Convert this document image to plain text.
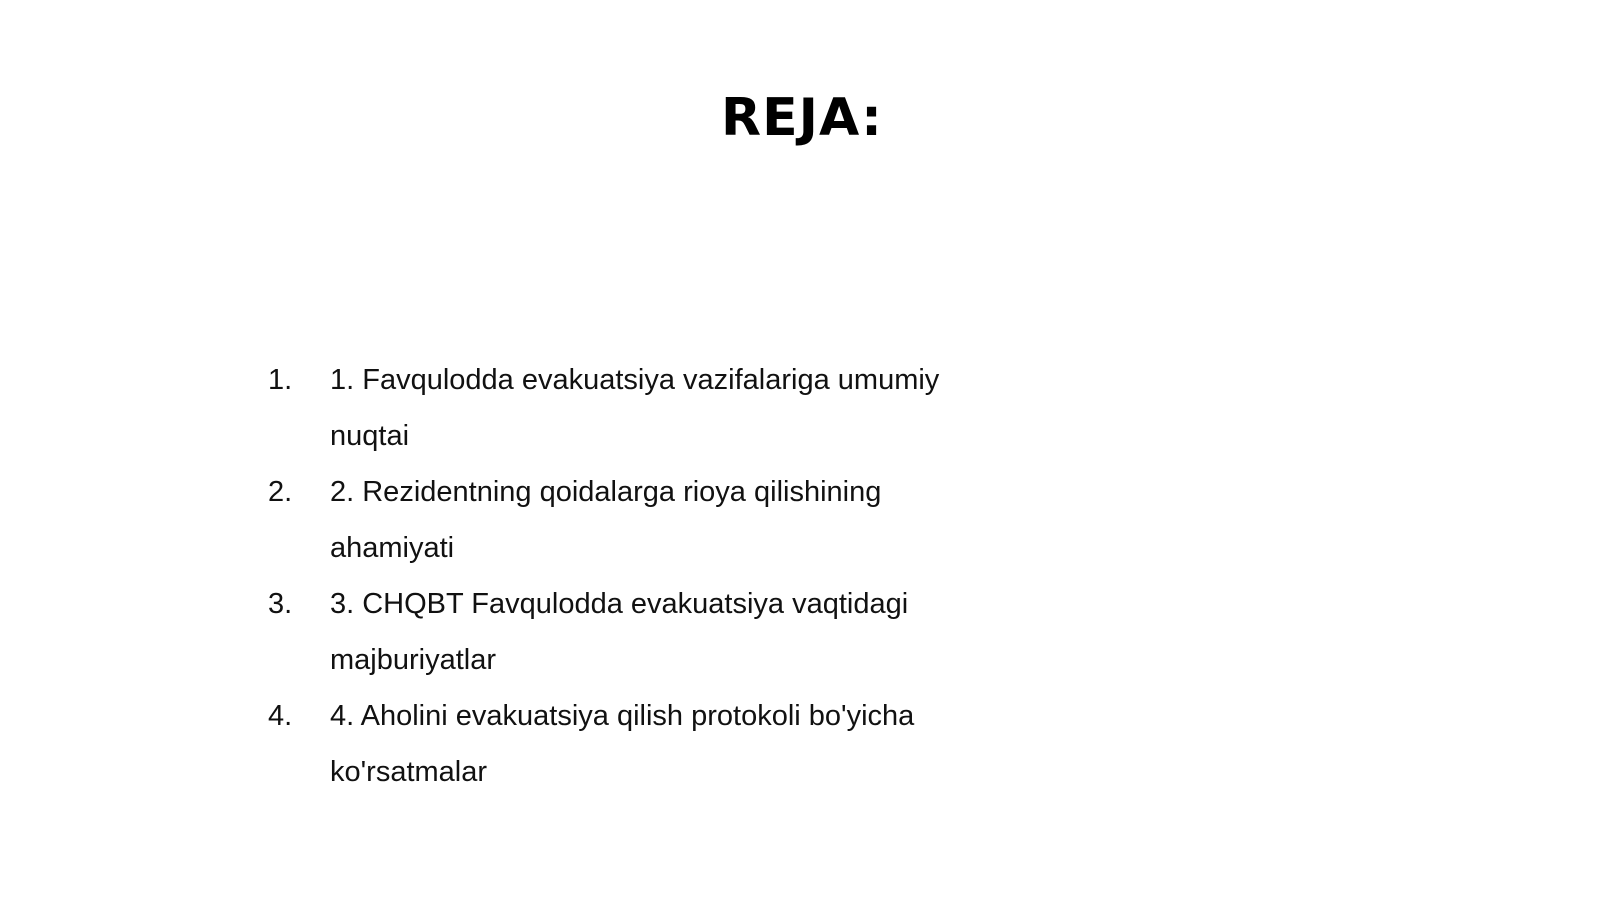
REJA:
1.	1. Favqulodda evakuatsiya vazifalariga umumiy nuqtai
2.	2. Rezidentning qoidalarga rioya qilishining ahamiyati
3.	3. CHQBT Favqulodda evakuatsiya vaqtidagi majburiyatlar
4.	4. Aholini evakuatsiya qilish protokoli bo'yicha ko'rsatmalar
